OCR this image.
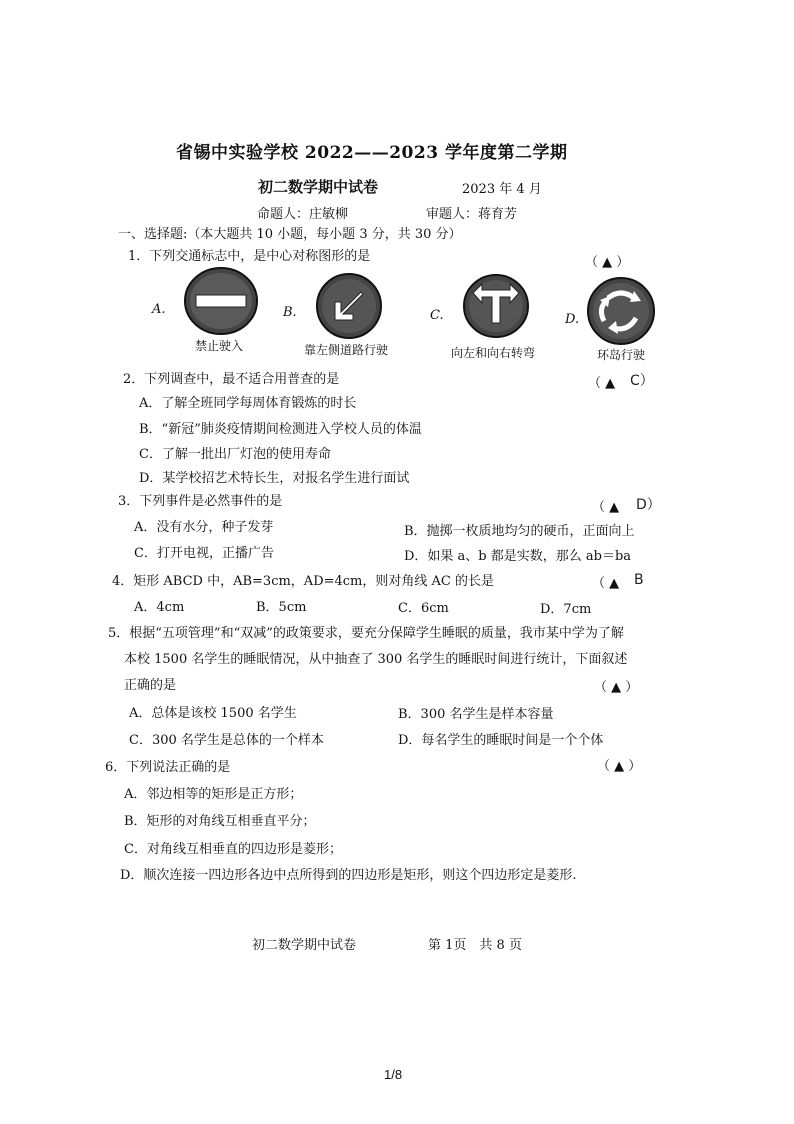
省锡中实验学校 2022——2023 学年度第二学期
初二数学期中试卷	2023 年 4 月
命题人：庄敏柳	审题人：蒋育芳
一、选择题:（本大题共 10 小题，每小题 3 分，共 30 分）
1．下列交通标志中，是中心对称图形的是	（ ▲ ）
A.
禁止驶入
B.
靠左侧道路行驶
C.
向左和向右转弯
D.
环岛行驶
2．下列调查中，最不适合用普查的是	（ ▲ C）
A．了解全班同学每周体育锻炼的时长
B．“新冠”肺炎疫情期间检测进入学校人员的体温
C．了解一批出厂灯泡的使用寿命
D．某学校招艺术特长生，对报名学生进行面试
3．下列事件是必然事件的是	（ ▲ D）
A．没有水分，种子发芽	B．抛掷一枚质地均匀的硬币，正面向上
C．打开电视，正播广告	D．如果 a、b 都是实数，那么 ab＝ba
4．矩形 ABCD 中，AB=3cm，AD=4cm，则对角线 AC 的长是	（ ▲ B
A．4cm	B．5cm	C．6cm	D．7cm
5．根据“五项管理”和“双减”的政策要求，要充分保障学生睡眠的质量，我市某中学为了解
本校 1500 名学生的睡眠情况，从中抽查了 300 名学生的睡眠时间进行统计，下面叙述
正确的是	（ ▲ ）
A．总体是该校 1500 名学生	B．300 名学生是样本容量
C．300 名学生是总体的一个样本	D．每名学生的睡眠时间是一个个体
6．下列说法正确的是	（ ▲ ）
A．邻边相等的矩形是正方形；
B．矩形的对角线互相垂直平分；
C．对角线互相垂直的四边形是菱形；
D．顺次连接一四边形各边中点所得到的四边形是矩形，则这个四边形定是菱形.
初二数学期中试卷	第 1页　共 8 页
1/8
